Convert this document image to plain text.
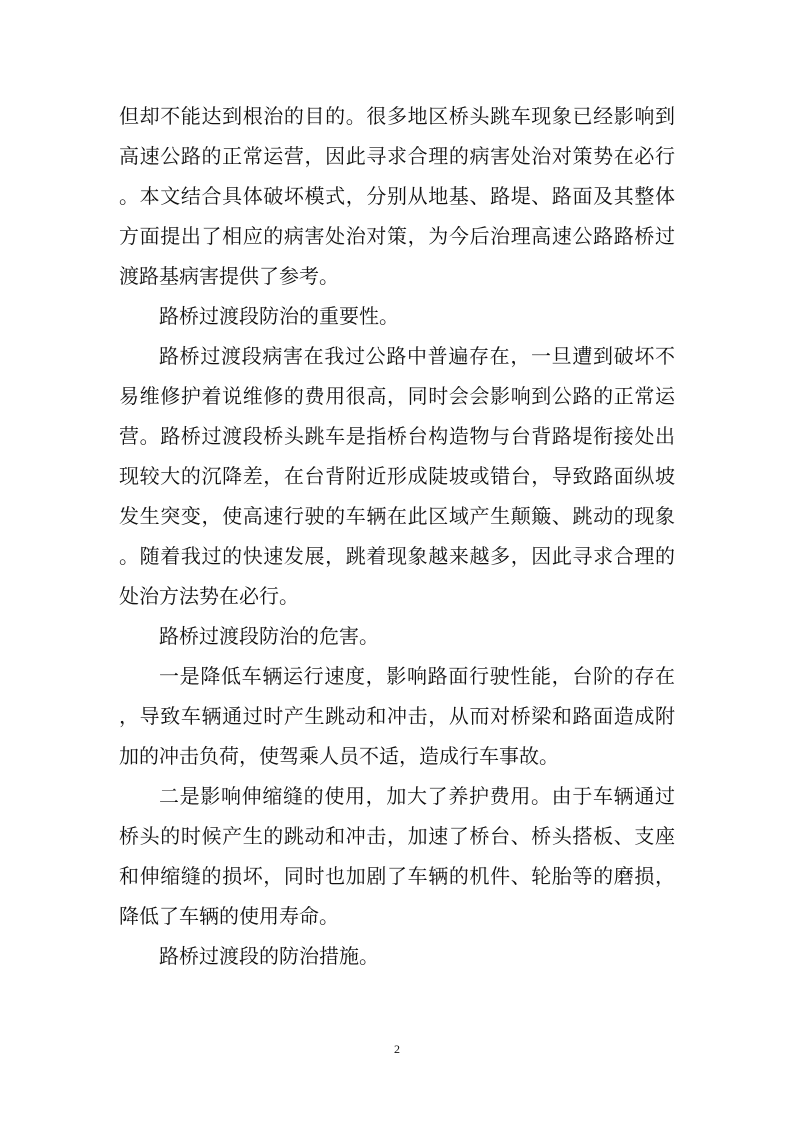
但却不能达到根治的目的。很多地区桥头跳车现象已经影响到高速公路的正常运营，因此寻求合理的病害处治对策势在必行。本文结合具体破坏模式，分别从地基、路堤、路面及其整体方面提出了相应的病害处治对策，为今后治理高速公路路桥过渡路基病害提供了参考。

路桥过渡段防治的重要性。

路桥过渡段病害在我过公路中普遍存在，一旦遭到破坏不易维修护着说维修的费用很高，同时会会影响到公路的正常运营。路桥过渡段桥头跳车是指桥台构造物与台背路堤衔接处出现较大的沉降差，在台背附近形成陡坡或错台，导致路面纵坡发生突变，使高速行驶的车辆在此区域产生颠簸、跳动的现象。随着我过的快速发展，跳着现象越来越多，因此寻求合理的处治方法势在必行。

路桥过渡段防治的危害。

一是降低车辆运行速度，影响路面行驶性能，台阶的存在，导致车辆通过时产生跳动和冲击，从而对桥梁和路面造成附加的冲击负荷，使驾乘人员不适，造成行车事故。

二是影响伸缩缝的使用，加大了养护费用。由于车辆通过桥头的时候产生的跳动和冲击，加速了桥台、桥头搭板、支座和伸缩缝的损坏，同时也加剧了车辆的机件、轮胎等的磨损，降低了车辆的使用寿命。

路桥过渡段的防治措施。

2
